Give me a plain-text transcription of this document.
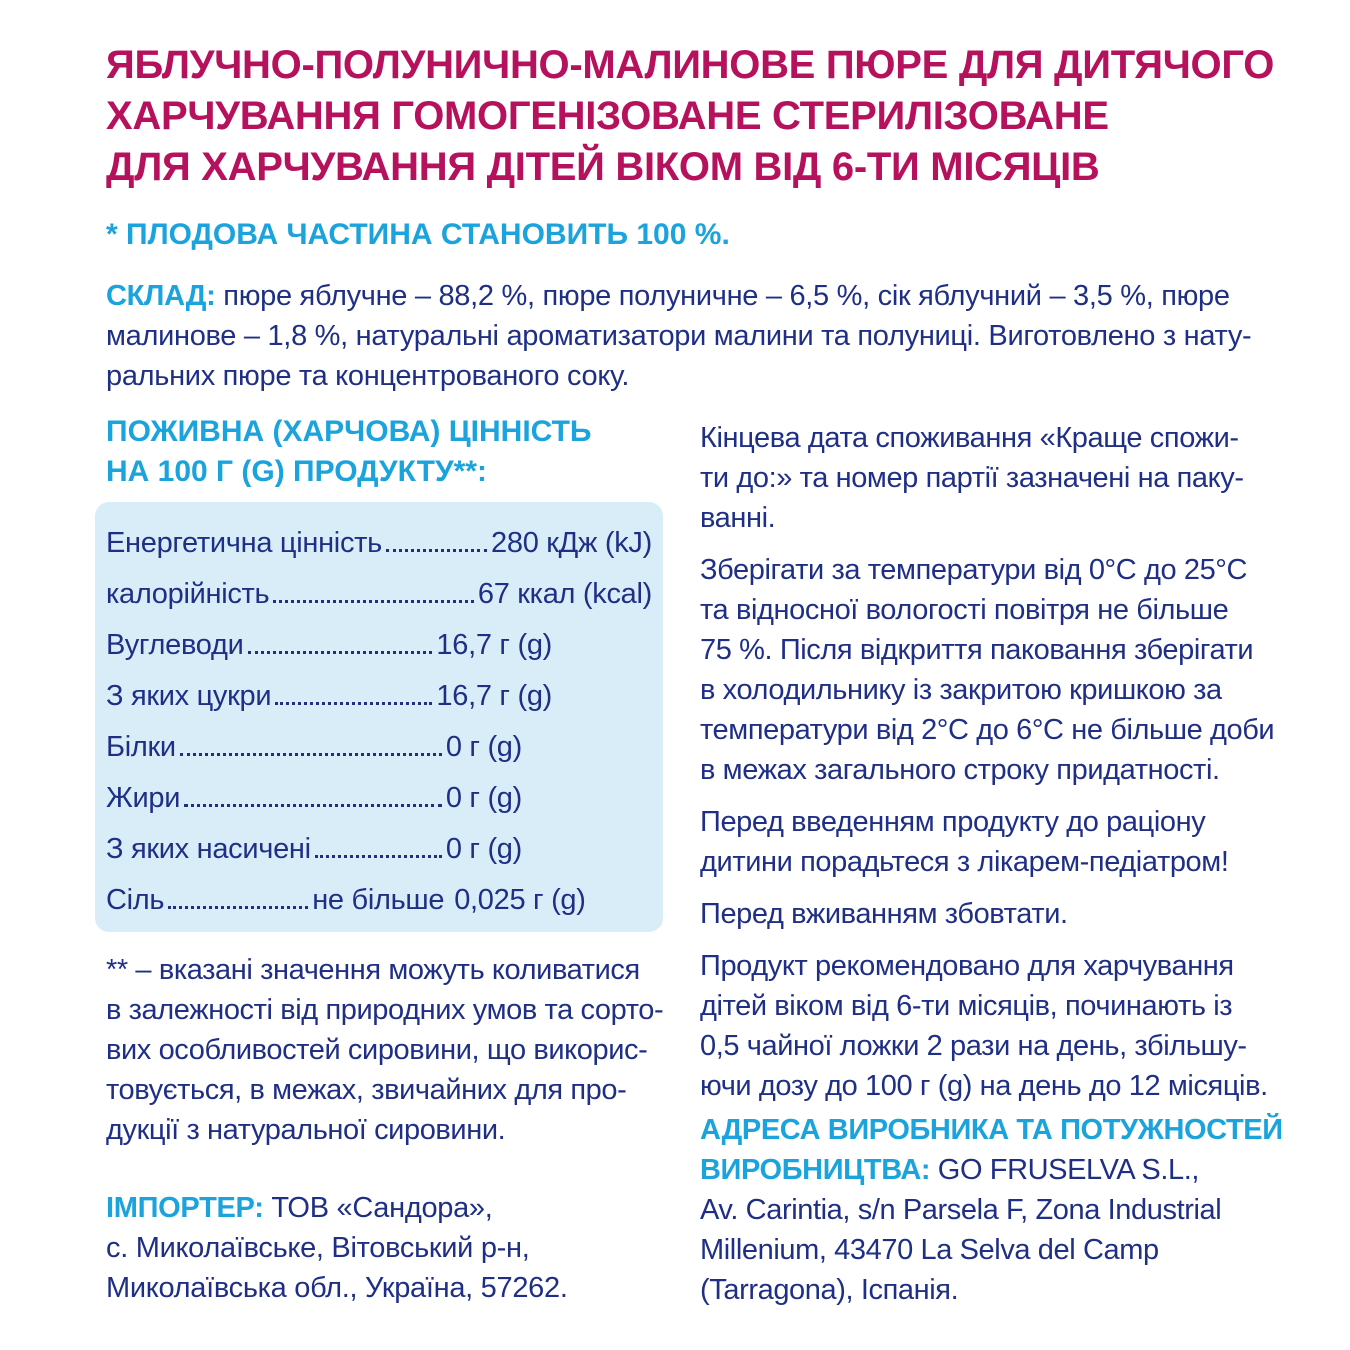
ЯБЛУЧНО-ПОЛУНИЧНО-МАЛИНОВЕ ПЮРЕ ДЛЯ ДИТЯЧОГО
ХАРЧУВАННЯ ГОМОГЕНІЗОВАНЕ СТЕРИЛІЗОВАНЕ
ДЛЯ ХАРЧУВАННЯ ДІТЕЙ ВІКОМ ВІД 6-ТИ МІСЯЦІВ
* ПЛОДОВА ЧАСТИНА СТАНОВИТЬ 100 %.
СКЛАД: пюре яблучне – 88,2 %, пюре полуничне – 6,5 %, сік яблучний – 3,5 %, пюре
малинове – 1,8 %, натуральні ароматизатори малини та полуниці. Виготовлено з нату-
ральних пюре та концентрованого соку.
ПОЖИВНА (ХАРЧОВА) ЦІННІСТЬ
НА 100 Г (G) ПРОДУКТУ**:
Енергетична цінність	280 кДж (kJ)
калорійність	67 ккал (kcal)
Вуглеводи	16,7 г (g)
З яких цукри	16,7 г (g)
Білки	0 г (g)
Жири	0 г (g)
З яких насичені	0 г (g)
Сіль	не більше 0,025 г (g)
** – вказані значення можуть коливатися
в залежності від природних умов та сорто-
вих особливостей сировини, що викорис-
товується, в межах, звичайних для про-
дукції з натуральної сировини.
ІМПОРТЕР: ТОВ «Сандора»,
с. Миколаївське, Вітовський р-н,
Миколаївська обл., Україна, 57262.
Кінцева дата споживання «Краще спожи-
ти до:» та номер партії зазначені на паку-
ванні.
Зберігати за температури від 0°С до 25°С
та відносної вологості повітря не більше
75 %. Після відкриття паковання зберігати
в холодильнику із закритою кришкою за
температури від 2°С до 6°С не більше доби
в межах загального строку придатності.
Перед введенням продукту до раціону
дитини порадьтеся з лікарем-педіатром!
Перед вживанням збовтати.
Продукт рекомендовано для харчування
дітей віком від 6-ти місяців, починають із
0,5 чайної ложки 2 рази на день, збільшу-
ючи дозу до 100 г (g) на день до 12 місяців.
АДРЕСА ВИРОБНИКА ТА ПОТУЖНОСТЕЙ
ВИРОБНИЦТВА: GO FRUSELVA S.L.,
Av. Carintia, s/n Parsela F, Zona Industrial
Millenium, 43470 La Selva del Camp
(Tarragona), Іспанія.
